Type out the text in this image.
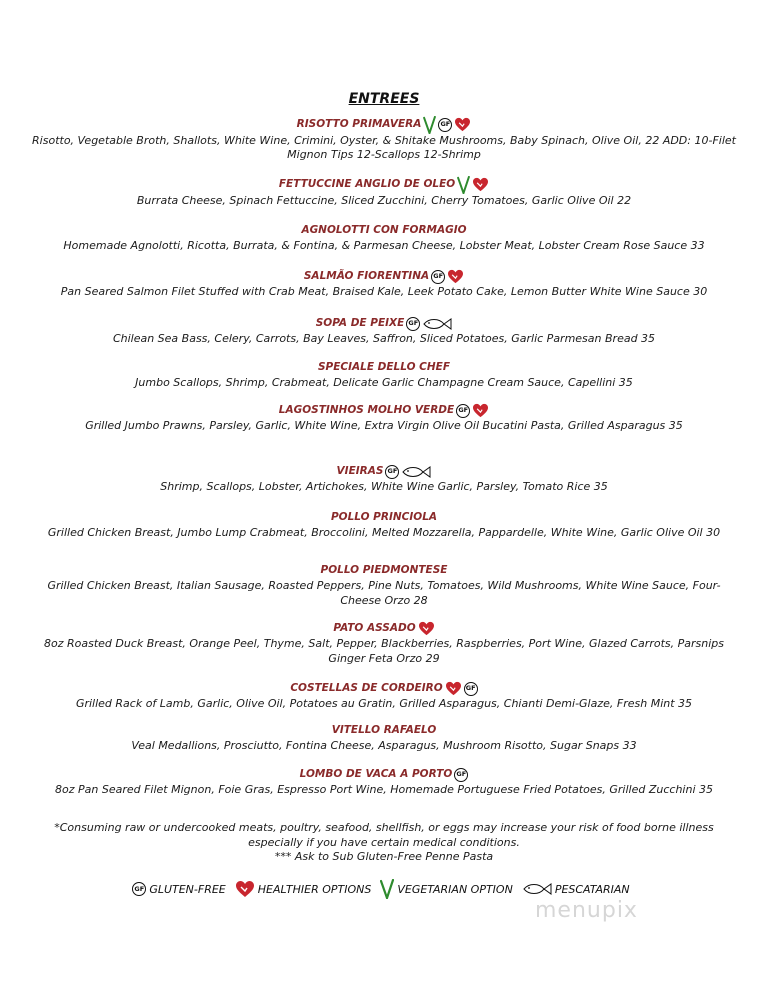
ENTREES
RISOTTO PRIMAVERA	GF
Risotto, Vegetable Broth, Shallots, White Wine, Crimini, Oyster, & Shitake Mushrooms, Baby Spinach, Olive Oil, 22 ADD: 10-Filet Mignon Tips 12-Scallops 12-Shrimp
FETTUCCINE ANGLIO DE OLEO
Burrata Cheese, Spinach Fettuccine, Sliced Zucchini, Cherry Tomatoes, Garlic Olive Oil 22
AGNOLOTTI CON FORMAGIO
Homemade Agnolotti, Ricotta, Burrata, & Fontina, & Parmesan Cheese, Lobster Meat, Lobster Cream Rose Sauce 33
SALMÃO FIORENTINA GF
Pan Seared Salmon Filet Stuffed with Crab Meat, Braised Kale, Leek Potato Cake, Lemon Butter White Wine Sauce 30
SOPA DE PEIXE GF
Chilean Sea Bass, Celery, Carrots, Bay Leaves, Saffron, Sliced Potatoes, Garlic Parmesan Bread 35
SPECIALE DELLO CHEF
Jumbo Scallops, Shrimp, Crabmeat, Delicate Garlic Champagne Cream Sauce, Capellini 35
LAGOSTINHOS MOLHO VERDE GF
Grilled Jumbo Prawns, Parsley, Garlic, White Wine, Extra Virgin Olive Oil Bucatini Pasta, Grilled Asparagus 35
VIEIRAS GF
Shrimp, Scallops, Lobster, Artichokes, White Wine Garlic, Parsley, Tomato Rice 35
POLLO PRINCIOLA
Grilled Chicken Breast, Jumbo Lump Crabmeat, Broccolini, Melted Mozzarella, Pappardelle, White Wine, Garlic Olive Oil 30
POLLO PIEDMONTESE
Grilled Chicken Breast, Italian Sausage, Roasted Peppers, Pine Nuts, Tomatoes, Wild Mushrooms, White Wine Sauce, Four-Cheese Orzo 28
PATO ASSADO
8oz Roasted Duck Breast, Orange Peel, Thyme, Salt, Pepper, Blackberries, Raspberries, Port Wine, Glazed Carrots, Parsnips Ginger Feta Orzo 29
COSTELLAS DE CORDEIRO	GF
Grilled Rack of Lamb, Garlic, Olive Oil, Potatoes au Gratin, Grilled Asparagus, Chianti Demi-Glaze, Fresh Mint 35
VITELLO RAFAELO
Veal Medallions, Prosciutto, Fontina Cheese, Asparagus, Mushroom Risotto, Sugar Snaps 33
LOMBO DE VACA A PORTO GF
8oz Pan Seared Filet Mignon, Foie Gras, Espresso Port Wine, Homemade Portuguese Fried Potatoes, Grilled Zucchini 35
*Consuming raw or undercooked meats, poultry, seafood, shellfish, or eggs may increase your risk of food borne illness
especially if you have certain medical conditions.
*** Ask to Sub Gluten-Free Penne Pasta
GF GLUTEN-FREE	HEALTHIER OPTIONS VEGETARIAN OPTION	PESCATARIAN
menupix
